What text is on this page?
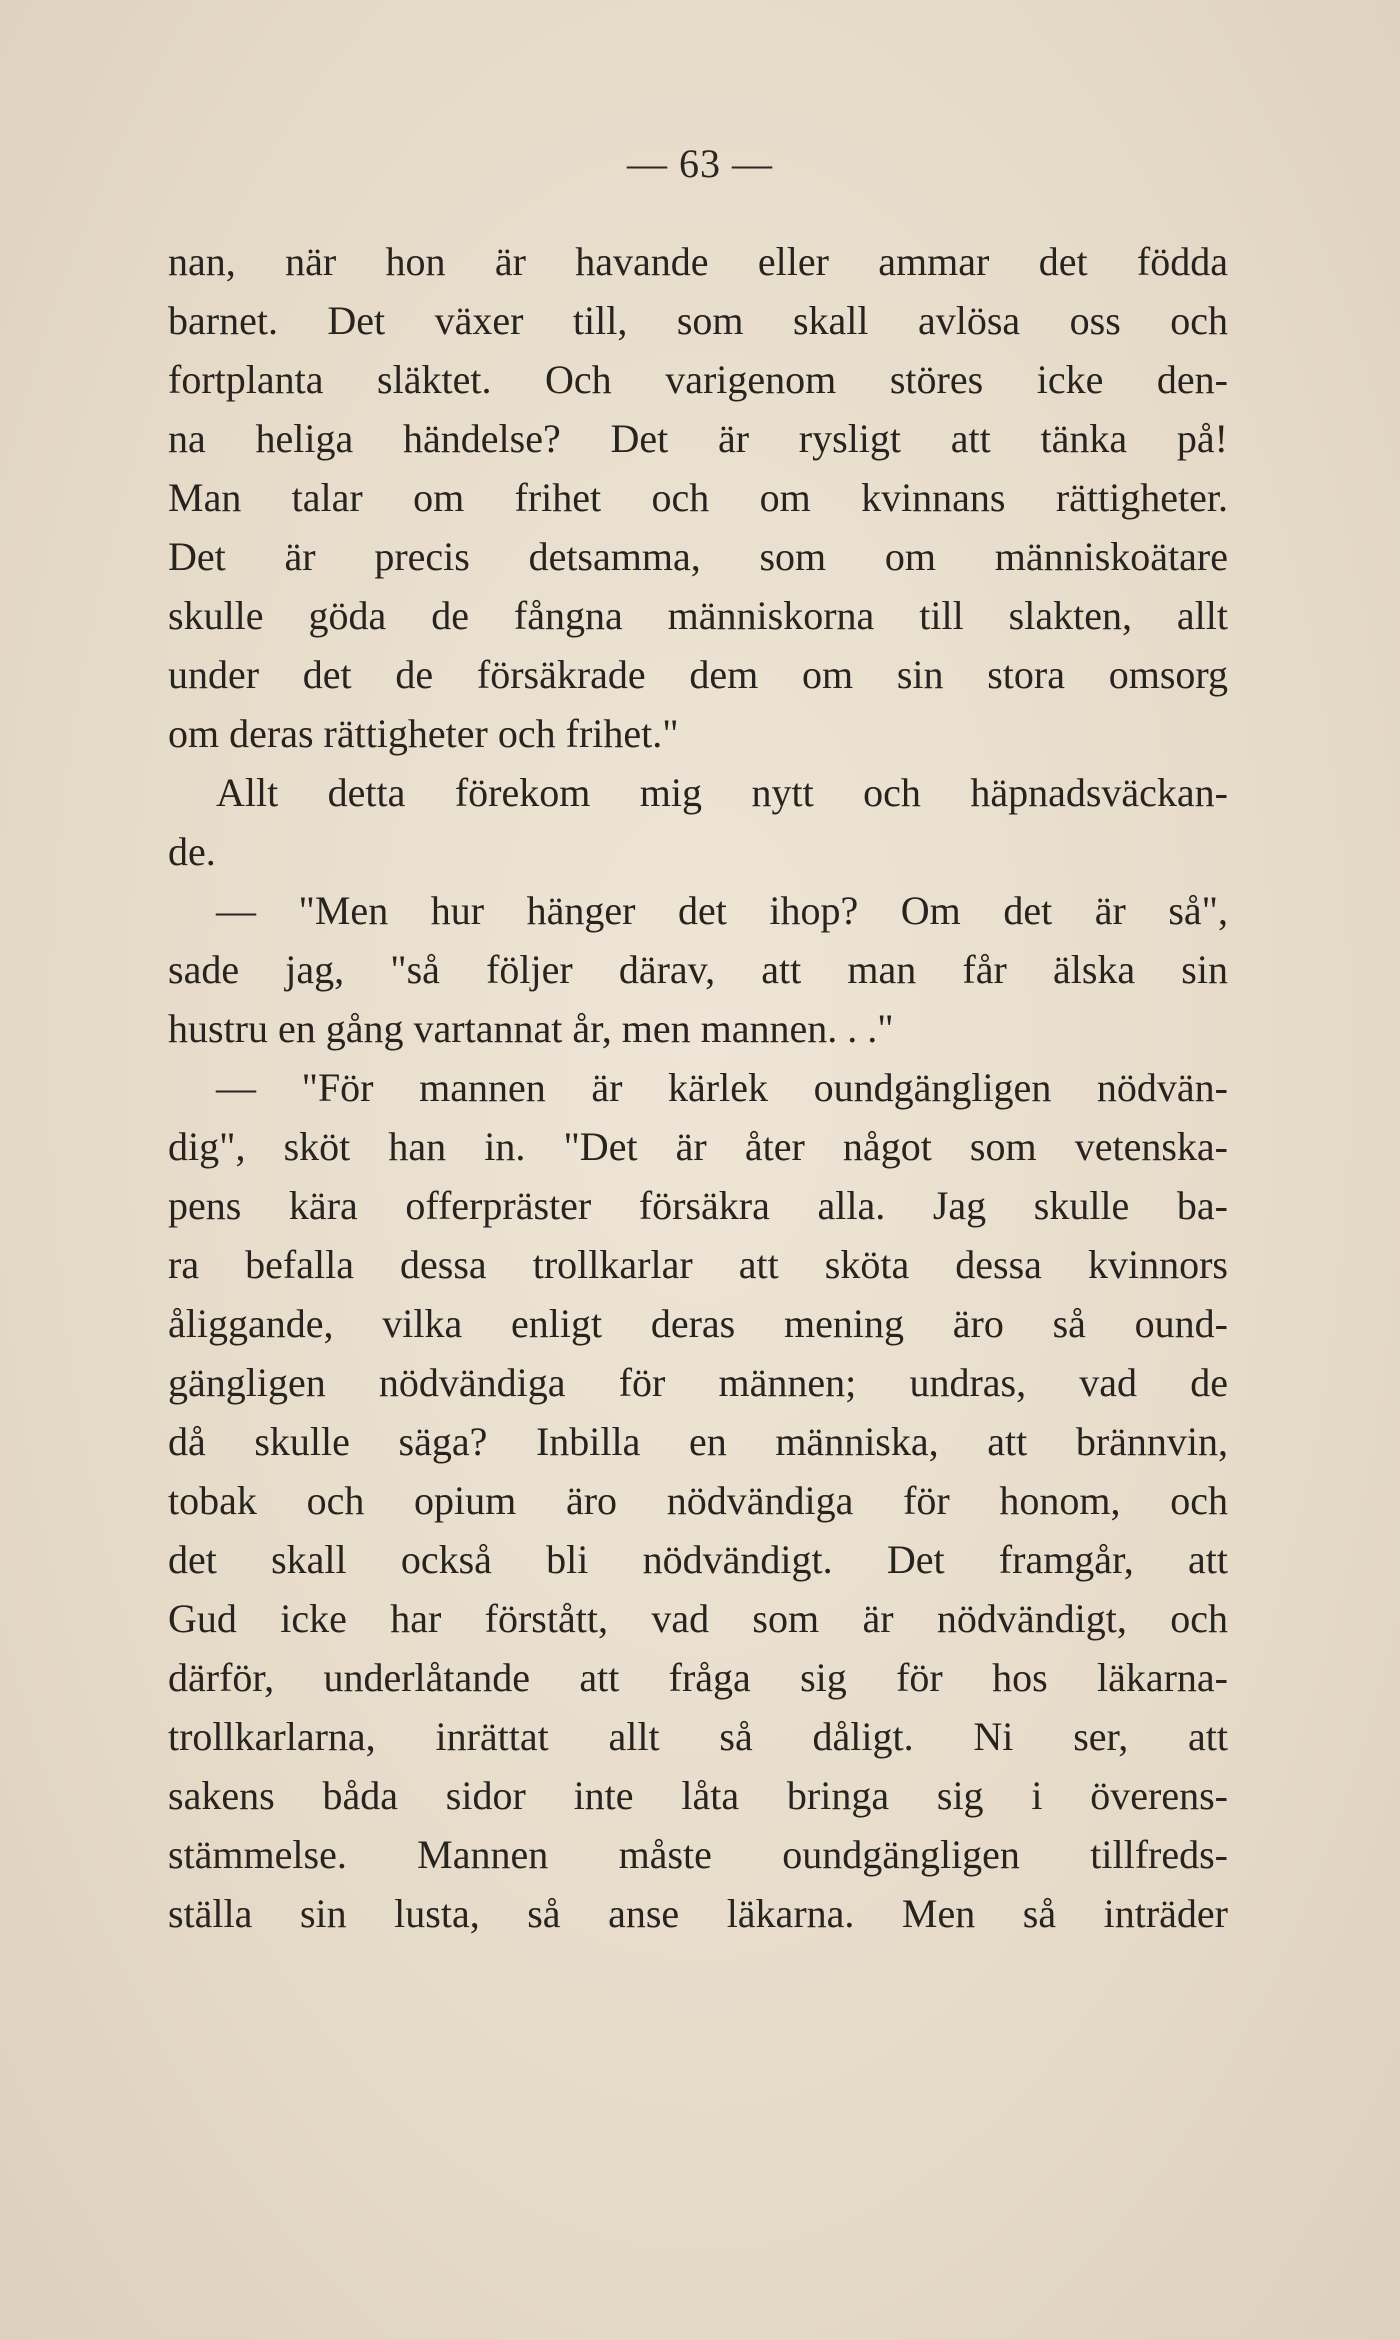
— 63 —
nan, när hon är havande eller ammar det födda
barnet. Det växer till, som skall avlösa oss och
fortplanta släktet. Och varigenom störes icke den-
na heliga händelse? Det är rysligt att tänka på!
Man talar om frihet och om kvinnans rättigheter.
Det är precis detsamma, som om människoätare
skulle göda de fångna människorna till slakten, allt
under det de försäkrade dem om sin stora omsorg
om deras rättigheter och frihet."
Allt detta förekom mig nytt och häpnadsväckan-
de.
— "Men hur hänger det ihop? Om det är så",
sade jag, "så följer därav, att man får älska sin
hustru en gång vartannat år, men mannen. . ."
— "För mannen är kärlek oundgängligen nödvän-
dig", sköt han in. "Det är åter något som vetenska-
pens kära offerpräster försäkra alla. Jag skulle ba-
ra befalla dessa trollkarlar att sköta dessa kvinnors
åliggande, vilka enligt deras mening äro så ound-
gängligen nödvändiga för männen; undras, vad de
då skulle säga? Inbilla en människa, att brännvin,
tobak och opium äro nödvändiga för honom, och
det skall också bli nödvändigt. Det framgår, att
Gud icke har förstått, vad som är nödvändigt, och
därför, underlåtande att fråga sig för hos läkarna-
trollkarlarna, inrättat allt så dåligt. Ni ser, att
sakens båda sidor inte låta bringa sig i överens-
stämmelse. Mannen måste oundgängligen tillfreds-
ställa sin lusta, så anse läkarna. Men så inträder
